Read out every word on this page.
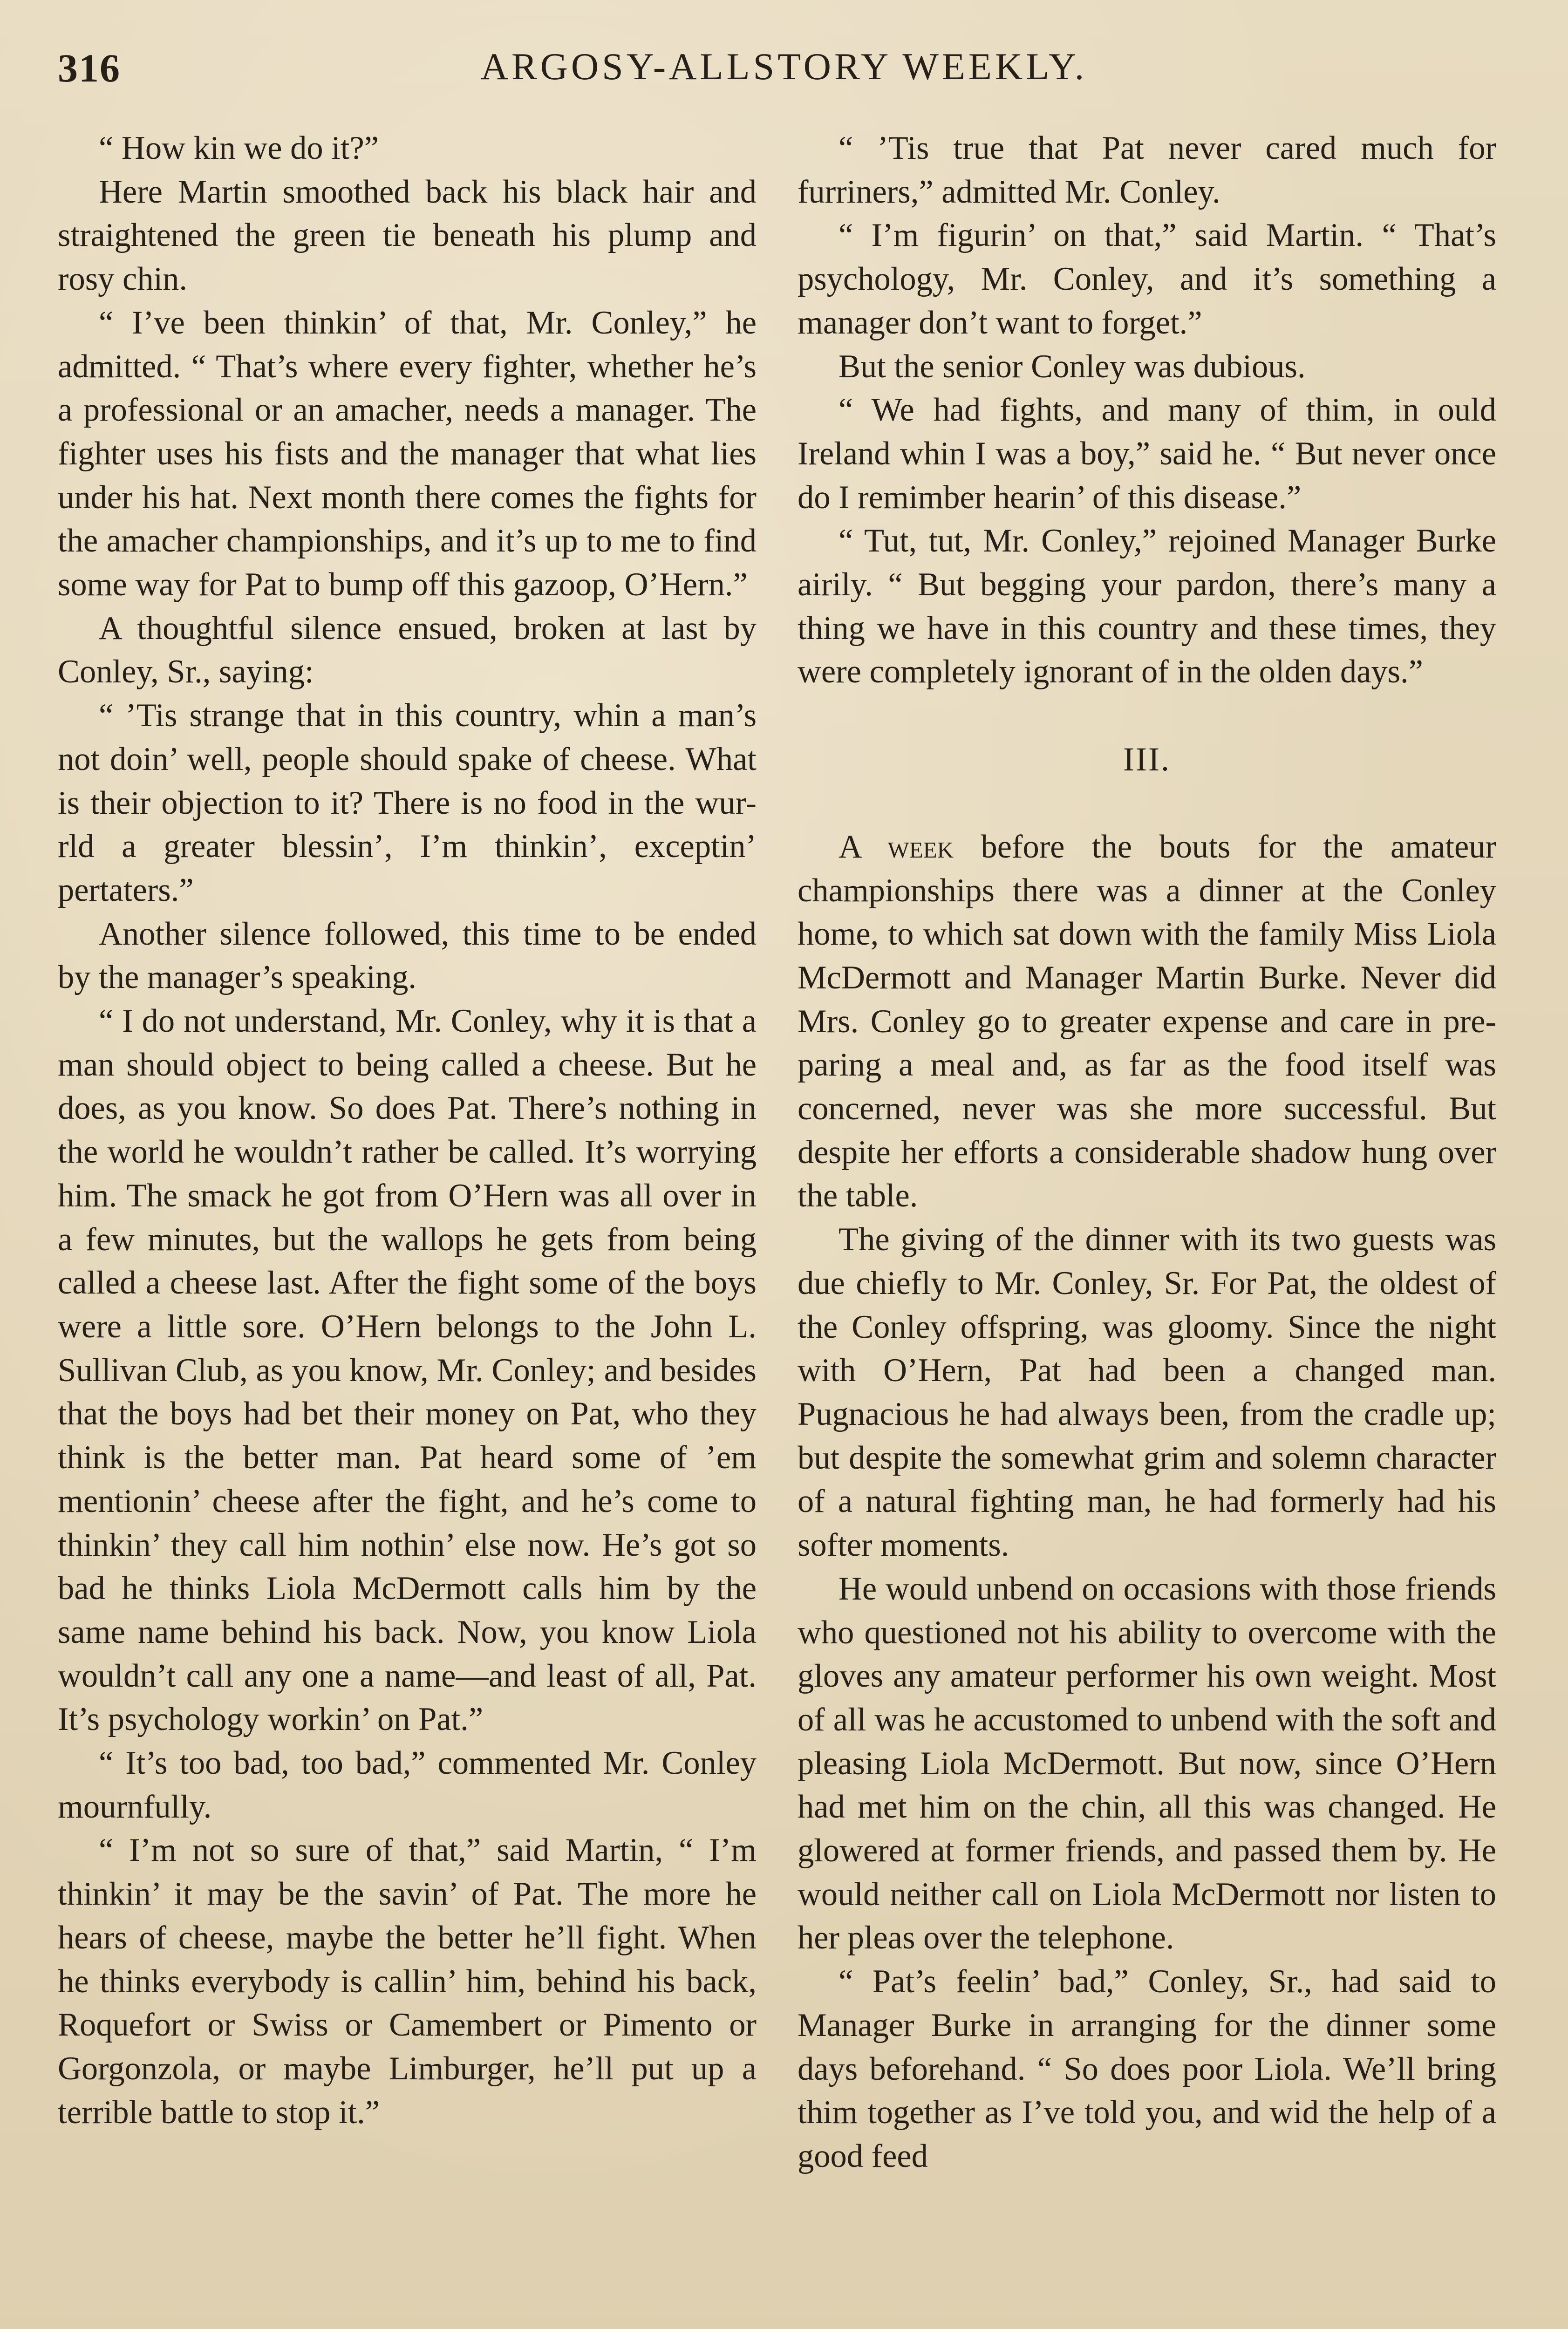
316	ARGOSY-ALLSTORY WEEKLY.

“ How kin we do it?”

Here Martin smoothed back his black hair and straightened the green tie beneath his plump and rosy chin.

“ I’ve been thinkin’ of that, Mr. Conley,” he admitted. “ That’s where every fighter, whether he’s a professional or an amacher, needs a manager. The fighter uses his fists and the manager that what lies under his hat. Next month there comes the fights for the amacher championships, and it’s up to me to find some way for Pat to bump off this gazoop, O’Hern.”

A thoughtful silence ensued, broken at last by Conley, Sr., saying:

“ ’Tis strange that in this country, whin a man’s not doin’ well, people should spake of cheese. What is their objection to it? There is no food in the wur-rld a greater blessin’, I’m thinkin’, exceptin’ pertaters.”

Another silence followed, this time to be ended by the manager’s speaking.

“ I do not understand, Mr. Conley, why it is that a man should object to being called a cheese. But he does, as you know. So does Pat. There’s nothing in the world he wouldn’t rather be called. It’s worrying him. The smack he got from O’Hern was all over in a few minutes, but the wallops he gets from being called a cheese last. After the fight some of the boys were a little sore. O’Hern belongs to the John L. Sullivan Club, as you know, Mr. Conley; and besides that the boys had bet their money on Pat, who they think is the better man. Pat heard some of ’em mentionin’ cheese after the fight, and he’s come to thinkin’ they call him nothin’ else now. He’s got so bad he thinks Liola McDermott calls him by the same name behind his back. Now, you know Liola wouldn’t call any one a name—and least of all, Pat. It’s psychology workin’ on Pat.”

“ It’s too bad, too bad,” commented Mr. Conley mournfully.

“ I’m not so sure of that,” said Martin, “ I’m thinkin’ it may be the savin’ of Pat. The more he hears of cheese, maybe the better he’ll fight. When he thinks everybody is callin’ him, behind his back, Roquefort or Swiss or Camembert or Pimento or Gorgonzola, or maybe Limburger, he’ll put up a terrible battle to stop it.”

“ ’Tis true that Pat never cared much for furriners,” admitted Mr. Conley.

“ I’m figurin’ on that,” said Martin. “ That’s psychology, Mr. Conley, and it’s something a manager don’t want to forget.”

But the senior Conley was dubious.

“ We had fights, and many of thim, in ould Ireland whin I was a boy,” said he. “ But never once do I remimber hearin’ of this disease.”

“ Tut, tut, Mr. Conley,” rejoined Manager Burke airily. “ But begging your pardon, there’s many a thing we have in this country and these times, they were completely ignorant of in the olden days.”

III.

A week before the bouts for the amateur championships there was a dinner at the Conley home, to which sat down with the family Miss Liola McDermott and Manager Martin Burke. Never did Mrs. Conley go to greater expense and care in preparing a meal and, as far as the food itself was concerned, never was she more successful. But despite her efforts a considerable shadow hung over the table.

The giving of the dinner with its two guests was due chiefly to Mr. Conley, Sr. For Pat, the oldest of the Conley offspring, was gloomy. Since the night with O’Hern, Pat had been a changed man. Pugnacious he had always been, from the cradle up; but despite the somewhat grim and solemn character of a natural fighting man, he had formerly had his softer moments.

He would unbend on occasions with those friends who questioned not his ability to overcome with the gloves any amateur performer his own weight. Most of all was he accustomed to unbend with the soft and pleasing Liola McDermott. But now, since O’Hern had met him on the chin, all this was changed. He glowered at former friends, and passed them by. He would neither call on Liola McDermott nor listen to her pleas over the telephone.

“ Pat’s feelin’ bad,” Conley, Sr., had said to Manager Burke in arranging for the dinner some days beforehand. “ So does poor Liola. We’ll bring thim together as I’ve told you, and wid the help of a good feed
